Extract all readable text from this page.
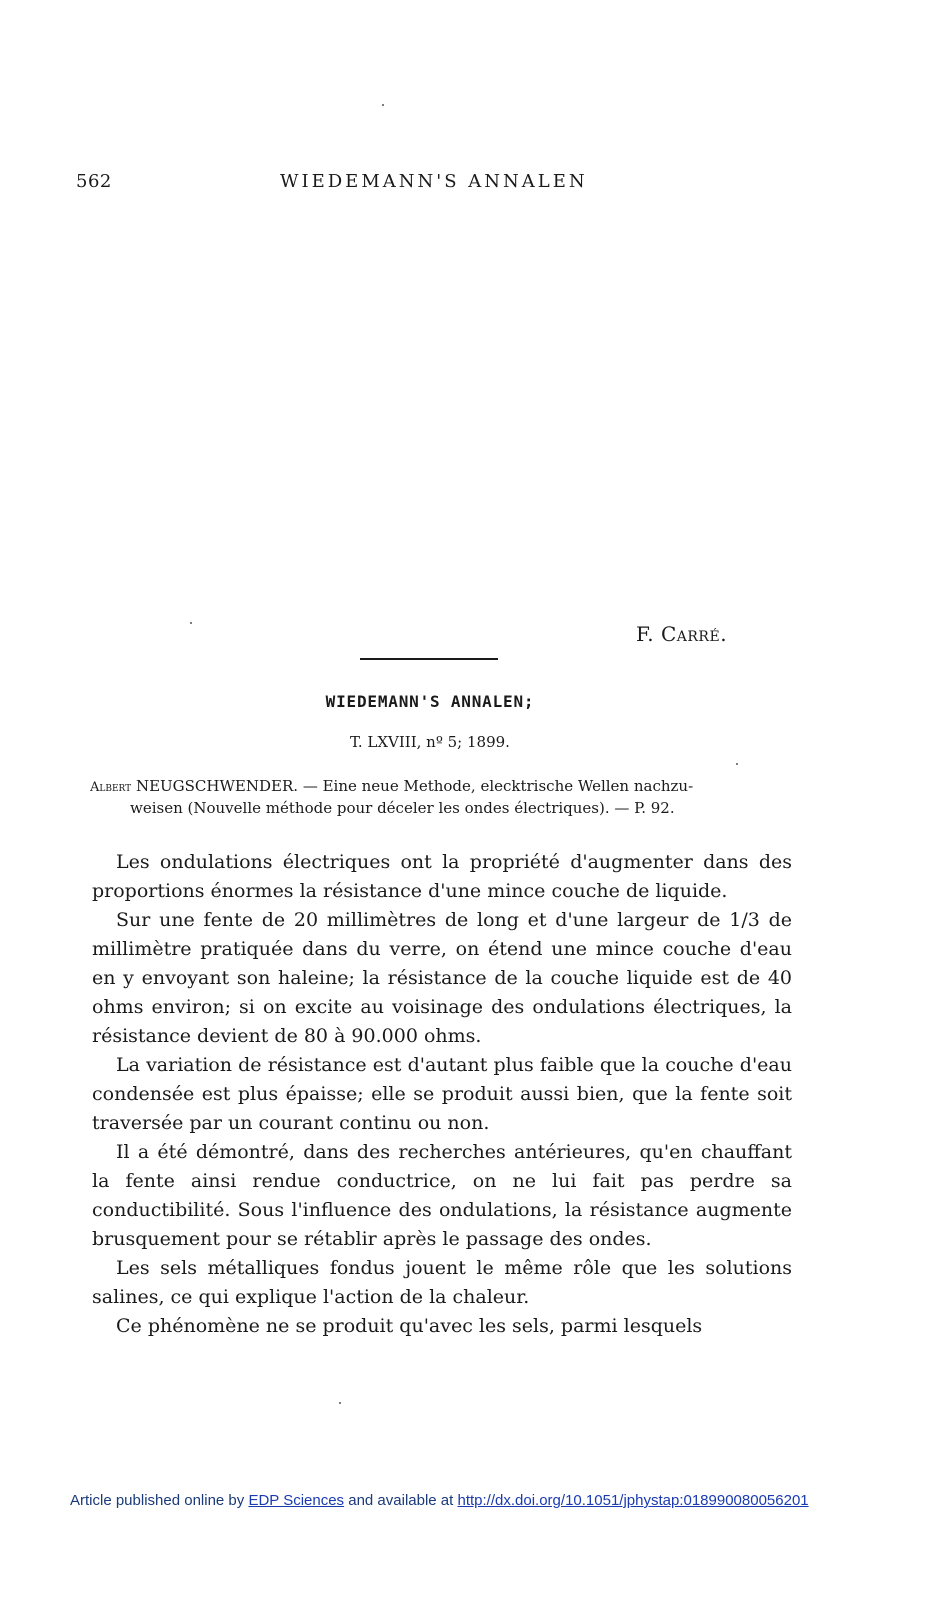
562	WIEDEMANN'S ANNALEN
F. Carré.
WIEDEMANN'S ANNALEN;
T. LXVIII, nº 5; 1899.
Albert NEUGSCHWENDER. — Eine neue Methode, elecktrische Wellen nachzu-
weisen (Nouvelle méthode pour déceler les ondes électriques). — P. 92.

Les ondulations électriques ont la propriété d'augmenter dans des proportions énormes la résistance d'une mince couche de liquide.

Sur une fente de 20 millimètres de long et d'une largeur de 1/3 de millimètre pratiquée dans du verre, on étend une mince couche d'eau en y envoyant son haleine; la résistance de la couche liquide est de 40 ohms environ; si on excite au voisinage des ondulations électriques, la résistance devient de 80 à 90.000 ohms.

La variation de résistance est d'autant plus faible que la couche d'eau condensée est plus épaisse; elle se produit aussi bien, que la fente soit traversée par un courant continu ou non.

Il a été démontré, dans des recherches antérieures, qu'en chauffant la fente ainsi rendue conductrice, on ne lui fait pas perdre sa conductibilité. Sous l'influence des ondulations, la résistance augmente brusquement pour se rétablir après le passage des ondes.

Les sels métalliques fondus jouent le même rôle que les solutions salines, ce qui explique l'action de la chaleur.

Ce phénomène ne se produit qu'avec les sels, parmi lesquels

Article published online by EDP Sciences and available at http://dx.doi.org/10.1051/jphystap:018990080056201
